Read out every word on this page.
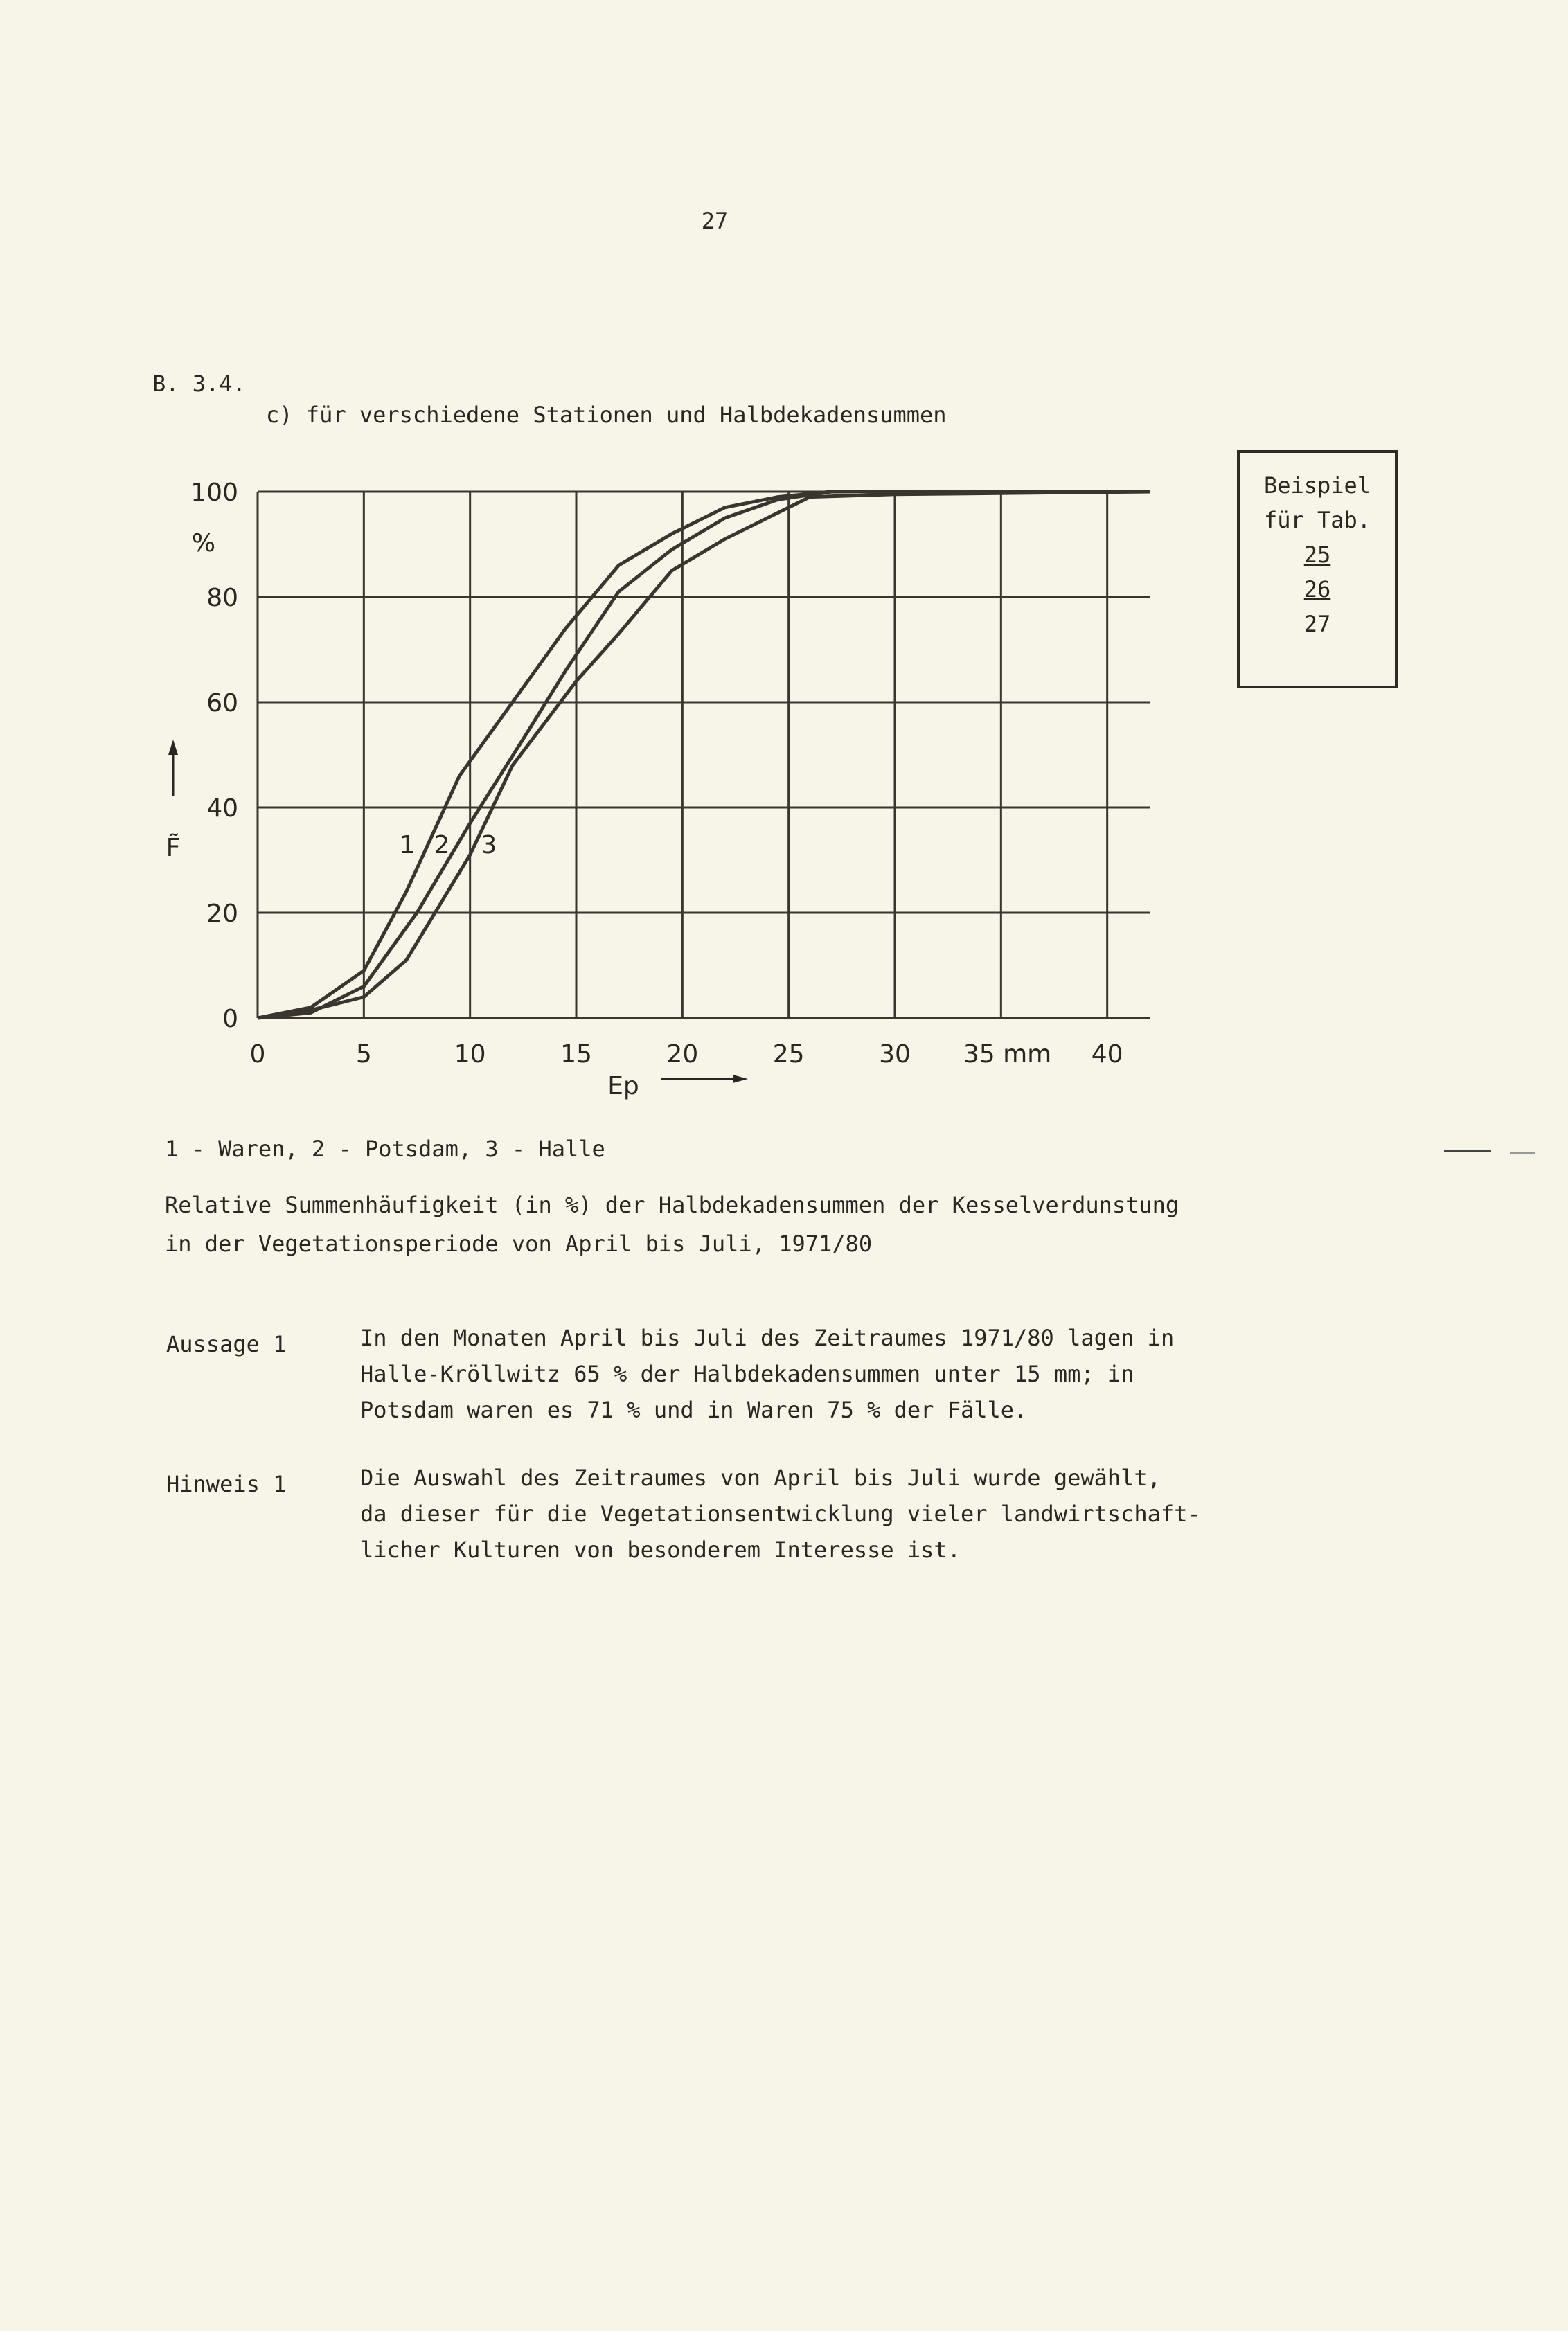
27
B. 3.4.
c) für verschiedene Stationen und Halbdekadensummen
Beispiel
für Tab.
25
26
27
0	5	10	15	20	25	30 35 mm 40
0
20
40
60
80
100
%
F̃
Ep
1 2 3
1 - Waren, 2 - Potsdam, 3 - Halle
Relative Summenhäufigkeit (in %) der Halbdekadensummen der Kesselverdunstung
in der Vegetationsperiode von April bis Juli, 1971/80
Aussage 1	In den Monaten April bis Juli des Zeitraumes 1971/80 lagen in
Halle-Kröllwitz 65 % der Halbdekadensummen unter 15 mm; in
Potsdam waren es 71 % und in Waren 75 % der Fälle.
Hinweis 1	Die Auswahl des Zeitraumes von April bis Juli wurde gewählt,
da dieser für die Vegetationsentwicklung vieler landwirtschaft-
licher Kulturen von besonderem Interesse ist.
